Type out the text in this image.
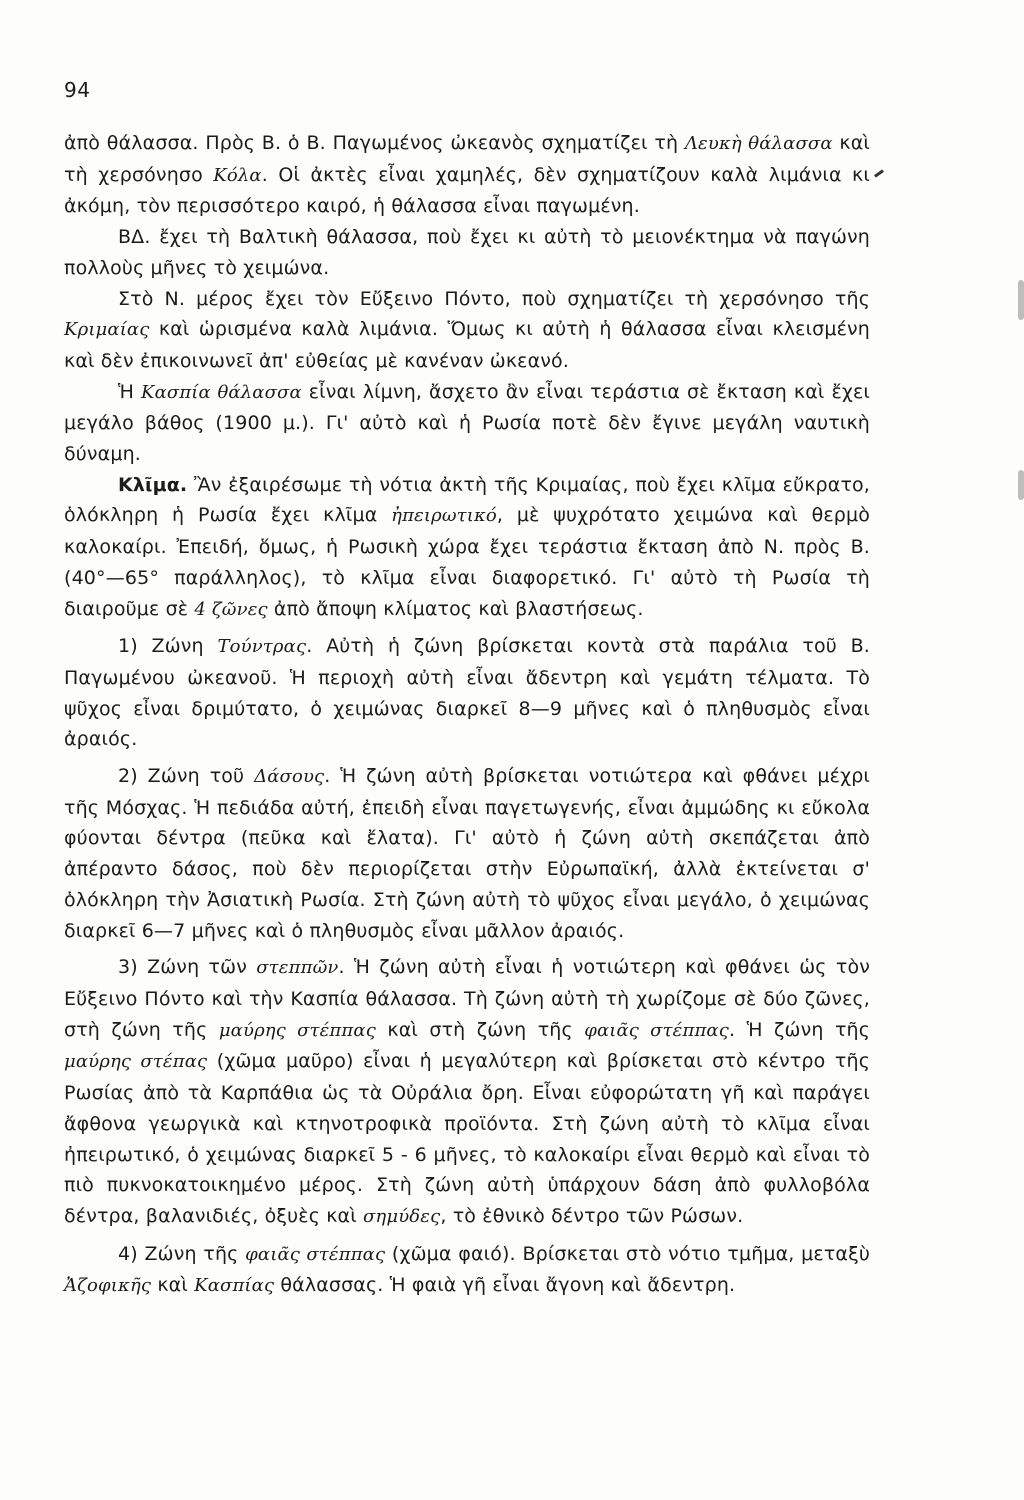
94

ἀπὸ θάλασσα. Πρὸς Β. ὁ Β. Παγωμένος ὠκεανὸς σχηματίζει τὴ Λευκὴ θάλασσα καὶ τὴ χερσόνησο Κόλα. Οἱ ἀκτὲς εἶναι χαμηλές, δὲν σχηματίζουν καλὰ λιμάνια κι ἀκόμη, τὸν περισσότερο καιρό, ἡ θάλασσα εἶναι παγωμένη.

ΒΔ. ἔχει τὴ Βαλτικὴ θάλασσα, ποὺ ἔχει κι αὐτὴ τὸ μειονέκτημα νὰ παγώνη πολλοὺς μῆνες τὸ χειμώνα.

Στὸ Ν. μέρος ἔχει τὸν Εὔξεινο Πόντο, ποὺ σχηματίζει τὴ χερσόνησο τῆς Κριμαίας καὶ ὡρισμένα καλὰ λιμάνια. Ὅμως κι αὐτὴ ἡ θάλασσα εἶναι κλεισμένη καὶ δὲν ἐπικοινωνεῖ ἀπ' εὐθείας μὲ κανέναν ὠκεανό.

Ἡ Κασπία θάλασσα εἶναι λίμνη, ἄσχετο ἂν εἶναι τεράστια σὲ ἔκταση καὶ ἔχει μεγάλο βάθος (1900 μ.). Γι' αὐτὸ καὶ ἡ Ρωσία ποτὲ δὲν ἔγινε μεγάλη ναυτικὴ δύναμη.

Κλῖμα. Ἂν ἐξαιρέσωμε τὴ νότια ἀκτὴ τῆς Κριμαίας, ποὺ ἔχει κλῖμα εὔκρατο, ὁλόκληρη ἡ Ρωσία ἔχει κλῖμα ἠπειρωτικό, μὲ ψυχρότατο χειμώνα καὶ θερμὸ καλοκαίρι. Ἐπειδή, ὅμως, ἡ Ρωσικὴ χώρα ἔχει τεράστια ἔκταση ἀπὸ Ν. πρὸς Β. (40°—65° παράλληλος), τὸ κλῖμα εἶναι διαφορετικό. Γι' αὐτὸ τὴ Ρωσία τὴ διαιροῦμε σὲ 4 ζῶνες ἀπὸ ἄποψη κλίματος καὶ βλαστήσεως.

1) Ζώνη Τούντρας. Αὐτὴ ἡ ζώνη βρίσκεται κοντὰ στὰ παράλια τοῦ Β. Παγωμένου ὠκεανοῦ. Ἡ περιοχὴ αὐτὴ εἶναι ἄδεντρη καὶ γεμάτη τέλματα. Τὸ ψῦχος εἶναι δριμύτατο, ὁ χειμώνας διαρκεῖ 8—9 μῆνες καὶ ὁ πληθυσμὸς εἶναι ἀραιός.

2) Ζώνη τοῦ Δάσους. Ἡ ζώνη αὐτὴ βρίσκεται νοτιώτερα καὶ φθάνει μέχρι τῆς Μόσχας. Ἡ πεδιάδα αὐτή, ἐπειδὴ εἶναι παγετωγενής, εἶναι ἀμμώδης κι εὔκολα φύονται δέντρα (πεῦκα καὶ ἔλατα). Γι' αὐτὸ ἡ ζώνη αὐτὴ σκεπάζεται ἀπὸ ἀπέραντο δάσος, ποὺ δὲν περιορίζεται στὴν Εὐρωπαϊκή, ἀλλὰ ἐκτείνεται σ' ὁλόκληρη τὴν Ἀσιατικὴ Ρωσία. Στὴ ζώνη αὐτὴ τὸ ψῦχος εἶναι μεγάλο, ὁ χειμώνας διαρκεῖ 6—7 μῆνες καὶ ὁ πληθυσμὸς εἶναι μᾶλλον ἀραιός.

3) Ζώνη τῶν στεππῶν. Ἡ ζώνη αὐτὴ εἶναι ἡ νοτιώτερη καὶ φθάνει ὡς τὸν Εὔξεινο Πόντο καὶ τὴν Κασπία θάλασσα. Τὴ ζώνη αὐτὴ τὴ χωρίζομε σὲ δύο ζῶνες, στὴ ζώνη τῆς μαύρης στέππας καὶ στὴ ζώνη τῆς φαιᾶς στέππας. Ἡ ζώνη τῆς μαύρης στέπας (χῶμα μαῦρο) εἶναι ἡ μεγαλύτερη καὶ βρίσκεται στὸ κέντρο τῆς Ρωσίας ἀπὸ τὰ Καρπάθια ὡς τὰ Οὐράλια ὄρη. Εἶναι εὐφορώτατη γῆ καὶ παράγει ἄφθονα γεωργικὰ καὶ κτηνοτροφικὰ προϊόντα. Στὴ ζώνη αὐτὴ τὸ κλῖμα εἶναι ἠπειρωτικό, ὁ χειμώνας διαρκεῖ 5 - 6 μῆνες, τὸ καλοκαίρι εἶναι θερμὸ καὶ εἶναι τὸ πιὸ πυκνοκατοικημένο μέρος. Στὴ ζώνη αὐτὴ ὑπάρχουν δάση ἀπὸ φυλλοβόλα δέντρα, βαλανιδιές, ὀξυὲς καὶ σημύδες, τὸ ἐθνικὸ δέντρο τῶν Ρώσων.

4) Ζώνη τῆς φαιᾶς στέππας (χῶμα φαιό). Βρίσκεται στὸ νότιο τμῆμα, μεταξὺ Ἀζοφικῆς καὶ Κασπίας θάλασσας. Ἡ φαιὰ γῆ εἶναι ἄγονη καὶ ἄδεντρη.
